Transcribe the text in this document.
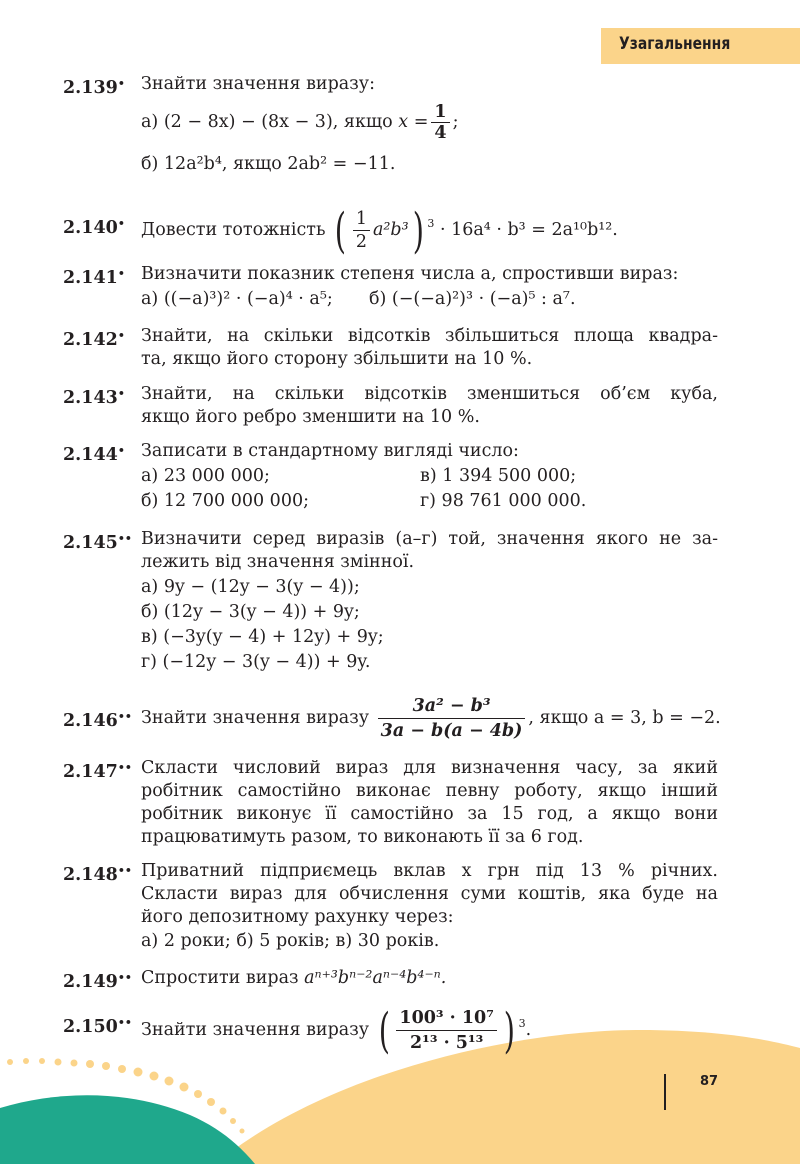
Узагальнення
2.139• Знайти значення виразу:
а) (2 − 8x) − (8x − 3), якщо $x = \frac{1}{4}$ ;
б) 12a²b⁴, якщо 2ab² = −11.
2.140• Довести тотожність ( $\frac{1}{2} a^2b^3$) $^3$ · 16a⁴ · b³ = 2a¹⁰b¹².
2.141• Визначити показник степеня числа a, спростивши вираз:
а) ((−a)³)² · (−a)⁴ · a⁵; б) (−(−a)²)³ · (−a)⁵ : a⁷.
2.142• Знайти, на скільки відсотків збільшиться площа квадра-
та, якщо його сторону збільшити на 10 %.
2.143• Знайти, на скільки відсотків зменшиться об’єм куба,
якщо його ребро зменшити на 10 %.
2.144• Записати в стандартному вигляді число:
а) 23 000 000;	в) 1 394 500 000;
б) 12 700 000 000;	г) 98 761 000 000.
2.145•• Визначити серед виразів (а–г) той, значення якого не за-
лежить від значення змінної.
а) 9y − (12y − 3(y − 4));
б) (12y − 3(y − 4)) + 9y;
в) (−3y(y − 4) + 12y) + 9y;
г) (−12y − 3(y − 4)) + 9y.
2.146•• Знайти значення виразу $\frac{\text{3a² − b³}}{3a - b(a - 4b)}$ , якщо a = 3, b = −2.
2.147•• Скласти числовий вираз для визначення часу, за який
робітник самостійно виконає певну роботу, якщо інший
робітник виконує її самостійно за 15 год, а якщо вони
працюватимуть разом, то виконають її за 6 год.
2.148•• Приватний підприємець вклав x грн під 13 % річних.
Скласти вираз для обчислення суми коштів, яка буде на
його депозитному рахунку через:
а) 2 роки; б) 5 років; в) 30 років.
2.149•• Спростити вираз aⁿ⁺³bⁿ⁻²aⁿ⁻⁴b⁴⁻ⁿ.
2.150•• Знайти значення виразу ( $\frac{\text{100³ · 10⁷}}{\text{2¹³ · 5¹³}}$ ) $^3$.
87
